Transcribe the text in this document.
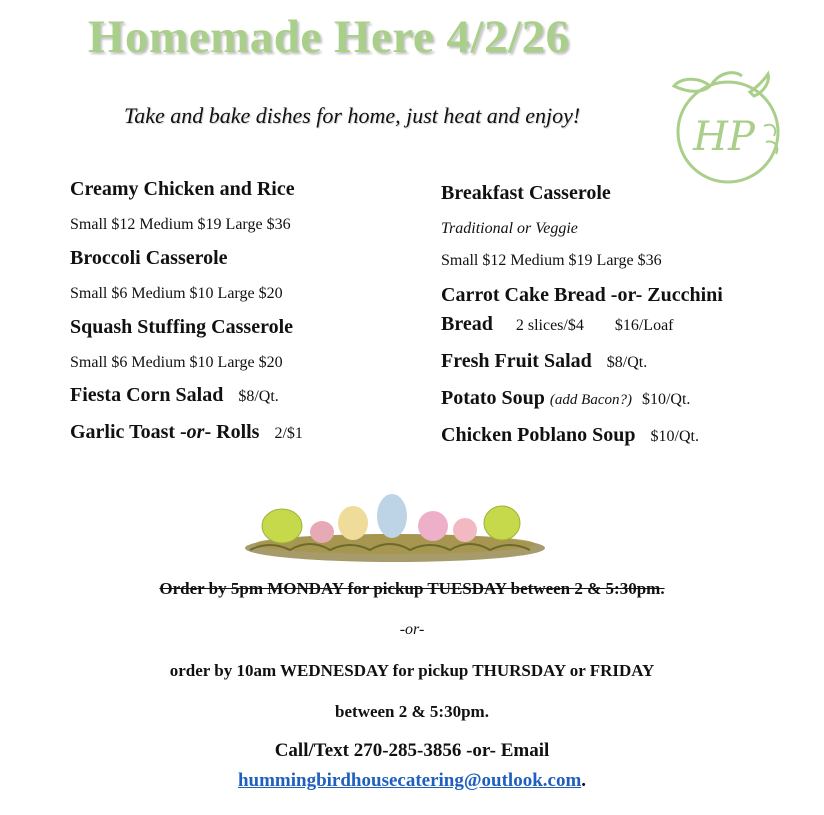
Homemade Here 4/2/26
HP
Take and bake dishes for home, just heat and enjoy!
Creamy Chicken and Rice
Small $12 Medium $19 Large $36
Broccoli Casserole
Small $6 Medium $10 Large $20
Squash Stuffing Casserole
Small $6 Medium $10 Large $20
Fiesta Corn Salad $8/Qt.
Garlic Toast -or- Rolls 2/$1
Breakfast Casserole
Traditional or Veggie
Small $12 Medium $19 Large $36
Carrot Cake Bread -or- Zucchini
Bread 2 slices/$4 $16/Loaf
Fresh Fruit Salad $8/Qt.
Potato Soup (add Bacon?) $10/Qt.
Chicken Poblano Soup $10/Qt.
Order by 5pm MONDAY for pickup TUESDAY between 2 & 5:30pm.
-or-
order by 10am WEDNESDAY for pickup THURSDAY or FRIDAY
between 2 & 5:30pm.
Call/Text 270-285-3856 -or- Email
hummingbirdhousecatering@outlook.com.
